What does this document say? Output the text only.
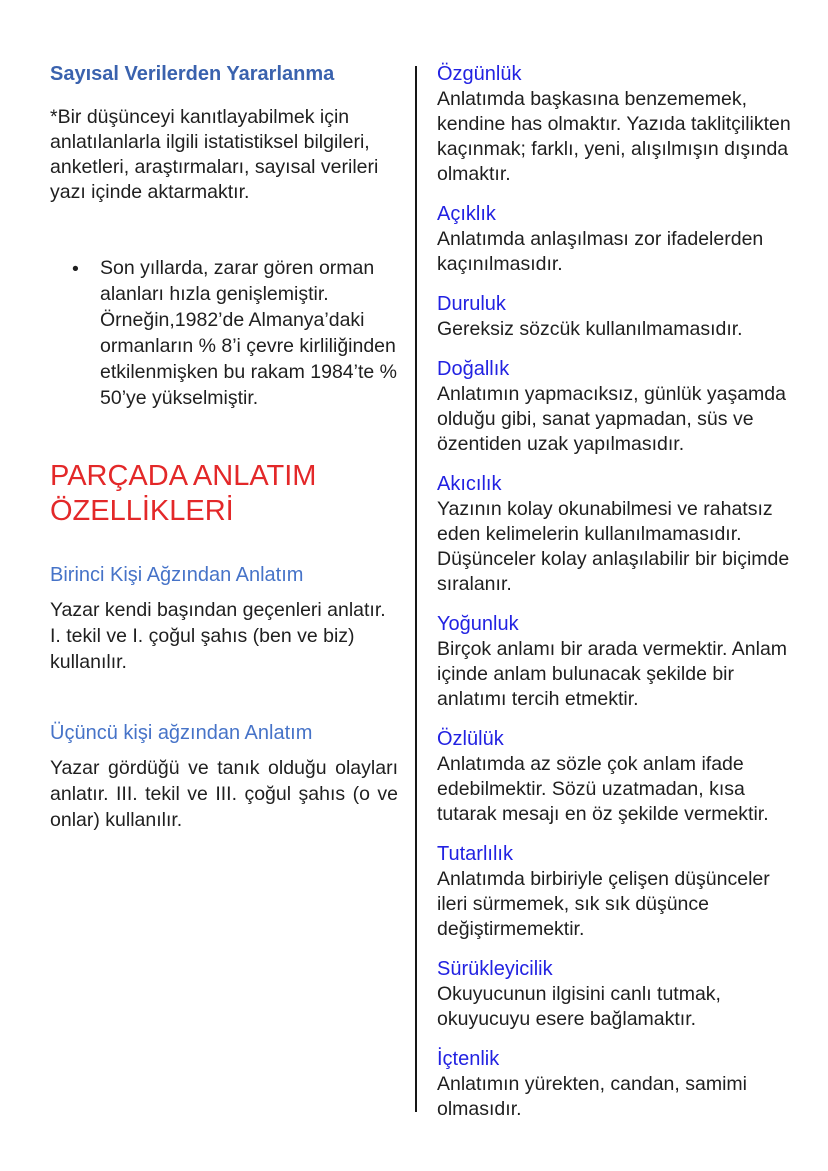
Sayısal Verilerden Yararlanma

*Bir düşünceyi kanıtlayabilmek için anlatılanlarla ilgili istatistiksel bilgileri, anketleri, araştırmaları, sayısal verileri yazı içinde aktarmaktır.

•	Son yıllarda, zarar gören orman alanları hızla genişlemiştir. Örneğin,1982’de Almanya’daki ormanların % 8’i çevre kirliliğinden etkilenmişken bu rakam 1984’te % 50’ye yükselmiştir.
PARÇADA ANLATIM ÖZELLİKLERİ
Birinci Kişi Ağzından Anlatım

Yazar kendi başından geçenleri anlatır. I. tekil ve I. çoğul şahıs (ben ve biz) kullanılır.

Üçüncü kişi ağzından Anlatım

Yazar gördüğü ve tanık olduğu olayları anlatır. III. tekil ve III. çoğul şahıs (o ve onlar) kullanılır.

Özgünlük

Anlatımda başkasına benzememek, kendine has olmaktır. Yazıda taklitçilikten kaçınmak; farklı, yeni, alışılmışın dışında olmaktır.

Açıklık

Anlatımda anlaşılması zor ifadelerden kaçınılmasıdır.

Duruluk

Gereksiz sözcük kullanılmamasıdır.

Doğallık

Anlatımın yapmacıksız, günlük yaşamda olduğu gibi, sanat yapmadan, süs ve özentiden uzak yapılmasıdır.

Akıcılık

Yazının kolay okunabilmesi ve rahatsız eden kelimelerin kullanılmamasıdır. Düşünceler kolay anlaşılabilir bir biçimde sıralanır.

Yoğunluk

Birçok anlamı bir arada vermektir. Anlam içinde anlam bulunacak şekilde bir anlatımı tercih etmektir.

Özlülük

Anlatımda az sözle çok anlam ifade edebilmektir. Sözü uzatmadan, kısa tutarak mesajı en öz şekilde vermektir.

Tutarlılık

Anlatımda birbiriyle çelişen düşünceler ileri sürmemek, sık sık düşünce değiştirmemektir.

Sürükleyicilik

Okuyucunun ilgisini canlı tutmak, okuyucuyu esere bağlamaktır.

İçtenlik

Anlatımın yürekten, candan, samimi olmasıdır.
